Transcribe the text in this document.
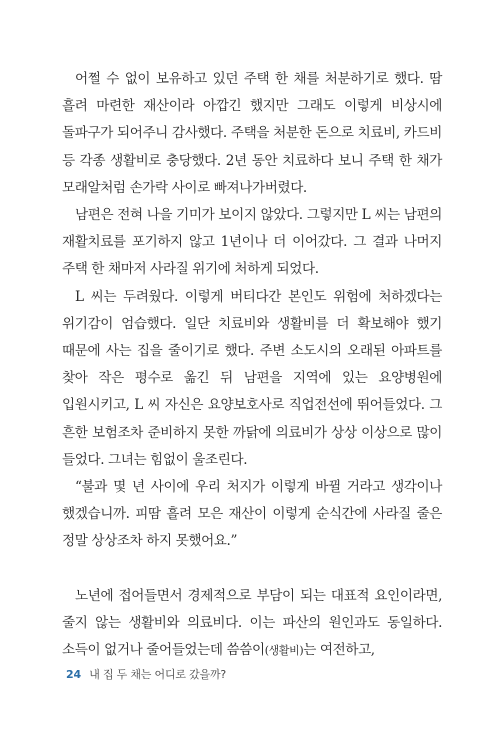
어쩔 수 없이 보유하고 있던 주택 한 채를 처분하기로 했다. 땀 흘려 마련한 재산이라 아깝긴 했지만 그래도 이렇게 비상시에 돌파구가 되어주니 감사했다. 주택을 처분한 돈으로 치료비, 카드비 등 각종 생활비로 충당했다. 2년 동안 치료하다 보니 주택 한 채가 모래알처럼 손가락 사이로 빠져나가버렸다.

남편은 전혀 나을 기미가 보이지 않았다. 그렇지만 L 씨는 남편의 재활치료를 포기하지 않고 1년이나 더 이어갔다. 그 결과 나머지 주택 한 채마저 사라질 위기에 처하게 되었다.

L 씨는 두려웠다. 이렇게 버티다간 본인도 위험에 처하겠다는 위기감이 엄습했다. 일단 치료비와 생활비를 더 확보해야 했기 때문에 사는 집을 줄이기로 했다. 주변 소도시의 오래된 아파트를 찾아 작은 평수로 옮긴 뒤 남편을 지역에 있는 요양병원에 입원시키고, L 씨 자신은 요양보호사로 직업전선에 뛰어들었다. 그 흔한 보험조차 준비하지 못한 까닭에 의료비가 상상 이상으로 많이 들었다. 그녀는 힘없이 울조린다.

“불과 몇 년 사이에 우리 처지가 이렇게 바뀔 거라고 생각이나 했겠습니까. 피땀 흘려 모은 재산이 이렇게 순식간에 사라질 줄은 정말 상상조차 하지 못했어요.”

노년에 접어들면서 경제적으로 부담이 되는 대표적 요인이라면, 줄지 않는 생활비와 의료비다. 이는 파산의 원인과도 동일하다. 소득이 없거나 줄어들었는데 씀씀이(생활비)는 여전하고,

24 내 집 두 채는 어디로 갔을까?
